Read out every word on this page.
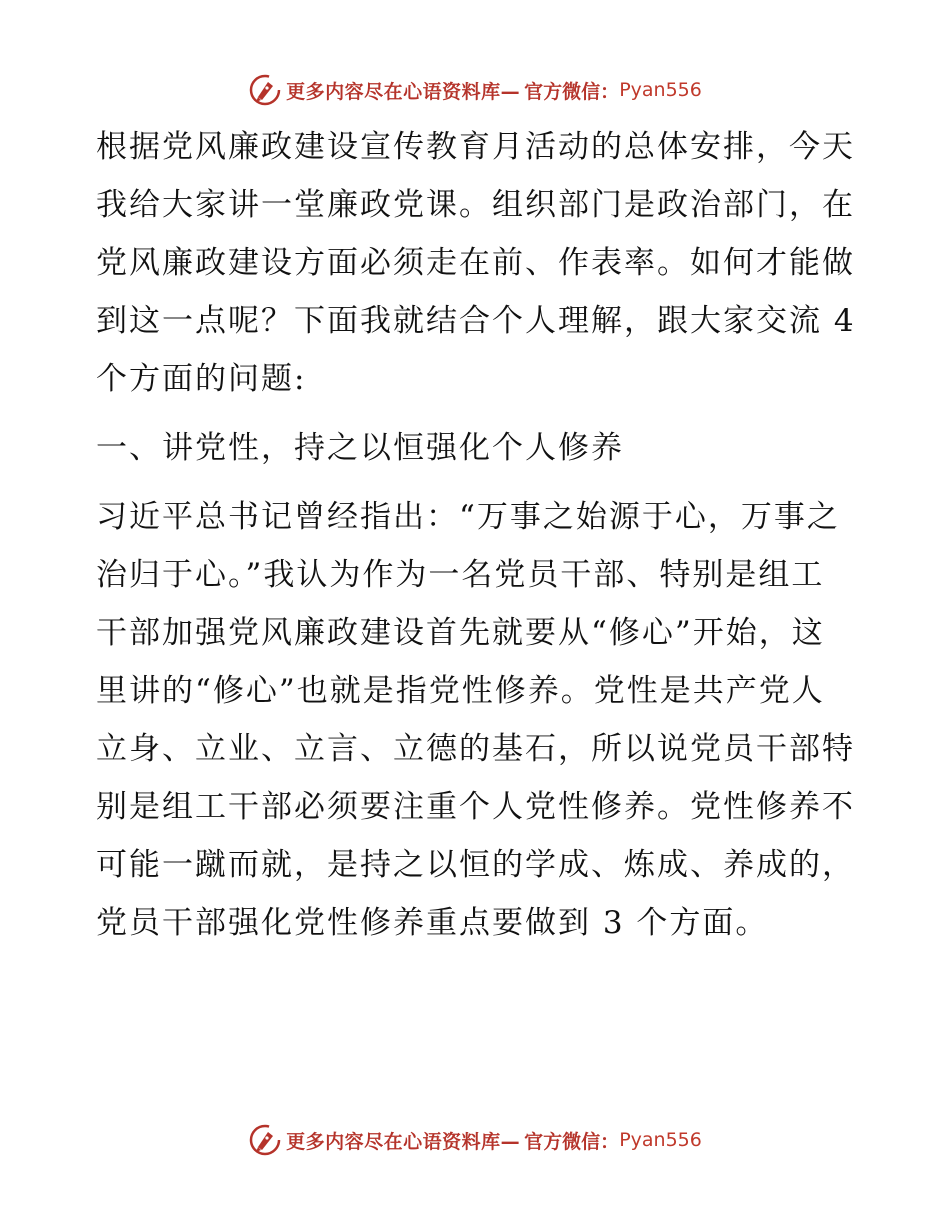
更多内容尽在心语资料库— 官方微信： Pyan556

根据党风廉政建设宣传教育月活动的总体安排，今天我给大家讲一堂廉政党课。组织部门是政治部门，在党风廉政建设方面必须走在前、作表率。如何才能做到这一点呢？下面我就结合个人理解，跟大家交流 4 个方面的问题:

一、讲党性，持之以恒强化个人修养

习近平总书记曾经指出：“万事之始源于心，万事之治归于心。”我认为作为一名党员干部、特别是组工干部加强党风廉政建设首先就要从“修心”开始，这里讲的“修心”也就是指党性修养。党性是共产党人立身、立业、立言、立德的基石，所以说党员干部特别是组工干部必须要注重个人党性修养。党性修养不可能一蹴而就，是持之以恒的学成、炼成、养成的，党员干部强化党性修养重点要做到 3 个方面。

更多内容尽在心语资料库— 官方微信： Pyan556
